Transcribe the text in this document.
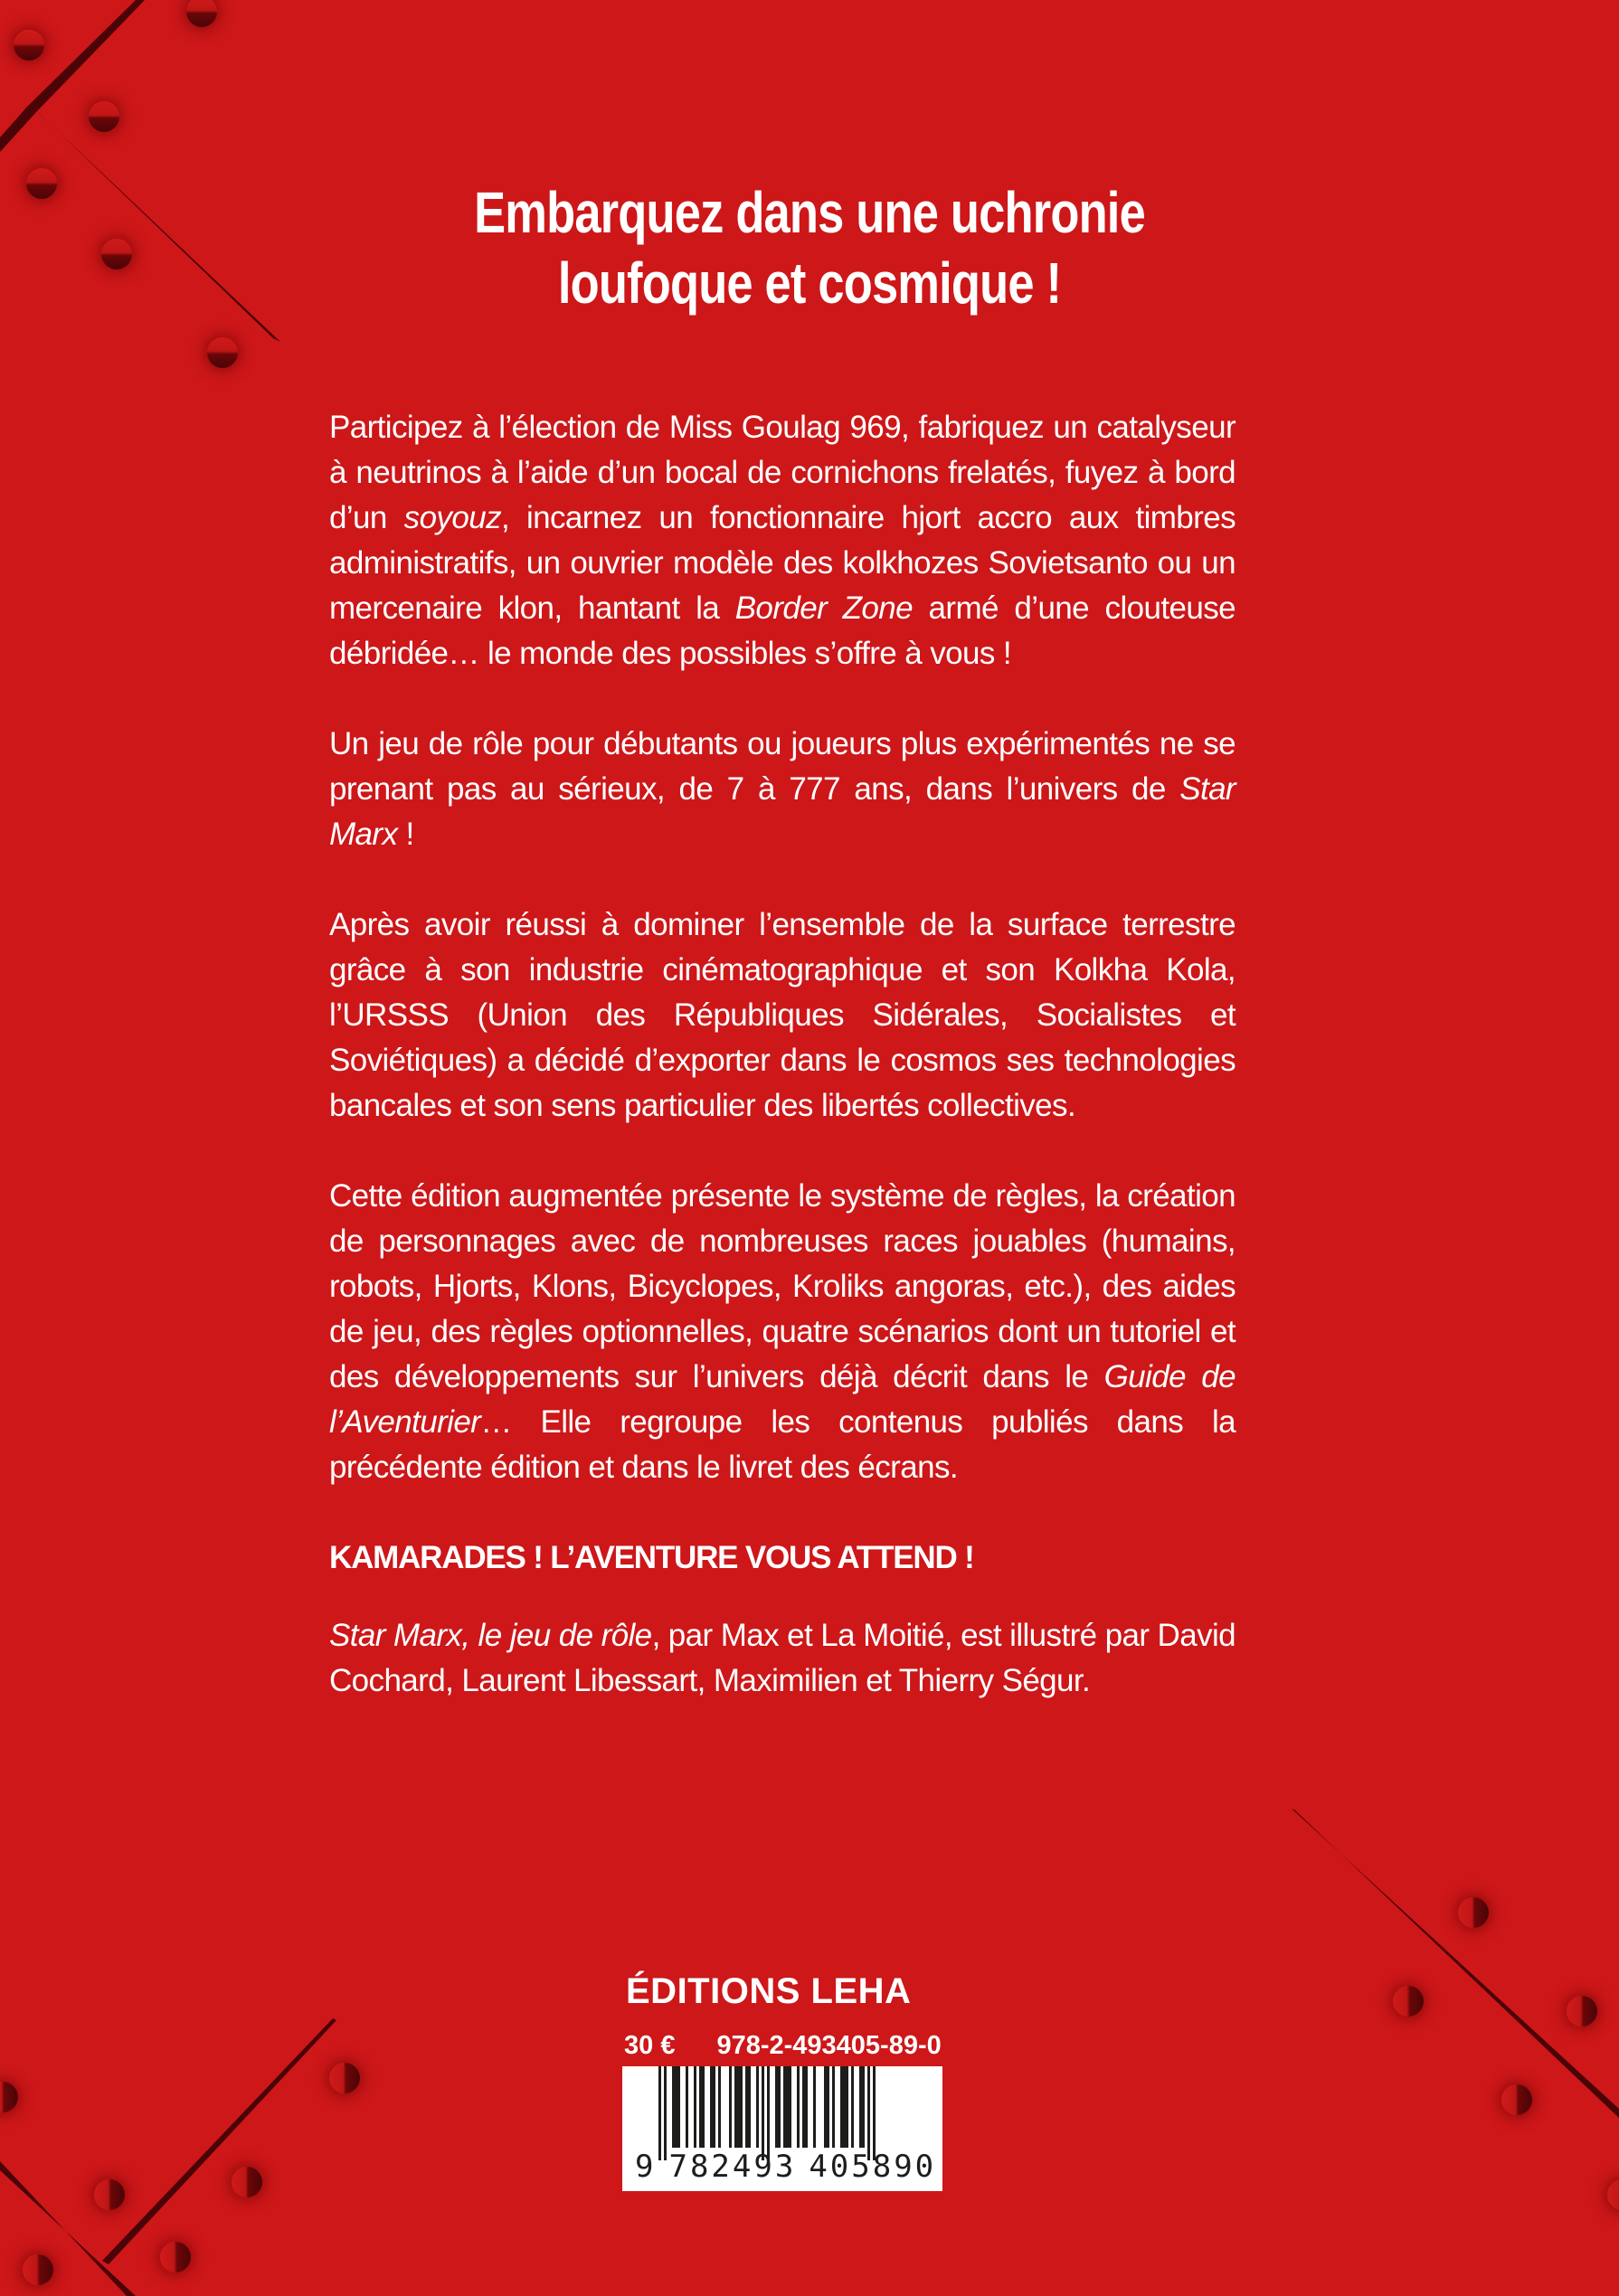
Embarquez dans une uchronie
loufoque et cosmique !

Participez à l’élection de Miss Goulag 969, fabriquez un catalyseur à neutrinos à l’aide d’un bocal de cornichons frelatés, fuyez à bord d’un soyouz, incarnez un fonctionnaire hjort accro aux timbres administratifs, un ouvrier modèle des kolkhozes Sovietsanto ou un mercenaire klon, hantant la Border Zone armé d’une clouteuse débridée… le monde des possibles s’offre à vous !

Un jeu de rôle pour débutants ou joueurs plus expérimentés ne se prenant pas au sérieux, de 7 à 777 ans, dans l’univers de Star Marx !

Après avoir réussi à dominer l’ensemble de la surface terrestre grâce à son industrie cinématographique et son Kolkha Kola, l’URSSS (Union des Républiques Sidérales, Socialistes et Soviétiques) a décidé d’exporter dans le cosmos ses technologies bancales et son sens particulier des libertés collectives.

Cette édition augmentée présente le système de règles, la création de personnages avec de nombreuses races jouables (humains, robots, Hjorts, Klons, Bicyclopes, Kroliks angoras, etc.), des aides de jeu, des règles optionnelles, quatre scénarios dont un tutoriel et des développements sur l’univers déjà décrit dans le Guide de l’Aventurier… Elle regroupe les contenus publiés dans la précédente édition et dans le livret des écrans.

KAMARADES ! L’AVENTURE VOUS ATTEND !

Star Marx, le jeu de rôle, par Max et La Moitié, est illustré par David Cochard, Laurent Libessart, Maximilien et Thierry Ségur.

ÉDITIONS LEHA
30 € 978-2-493405-89-0
9 782493 405890
